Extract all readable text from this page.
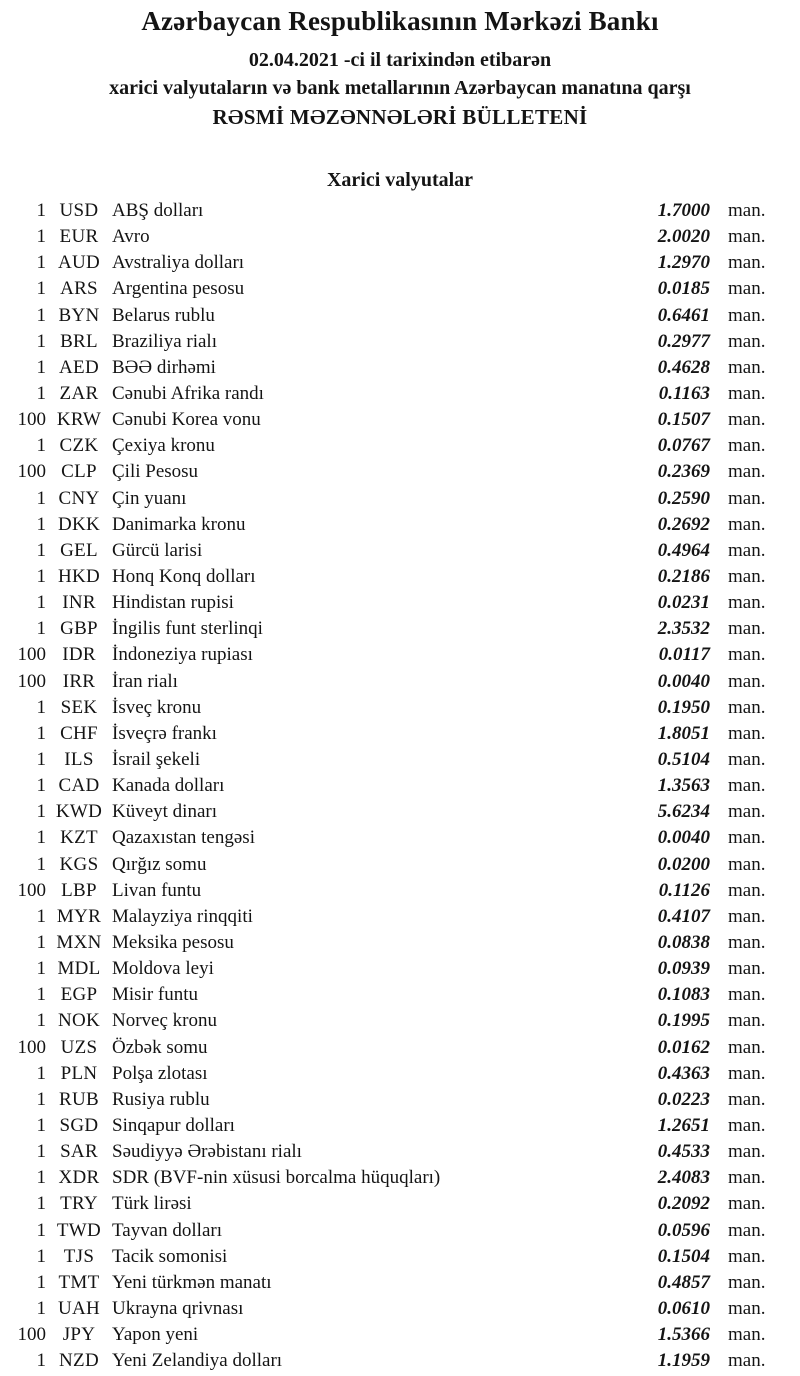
Azərbaycan Respublikasının Mərkəzi Bankı
02.04.2021 -ci il tarixindən etibarən
xarici valyutaların və bank metallarının Azərbaycan manatına qarşı
RƏSMİ MƏZƏNNƏLƏRİ BÜLLETENİ
Xarici valyutalar
1 USD ABŞ dolları	1.7000 man.
1 EUR Avro	2.0020 man.
1 AUD Avstraliya dolları	1.2970 man.
1 ARS Argentina pesosu	0.0185 man.
1 BYN Belarus rublu	0.6461 man.
1 BRL Braziliya rialı	0.2977 man.
1 AED BƏƏ dirhəmi	0.4628 man.
1 ZAR Cənubi Afrika randı	0.1163 man.
100 KRW Cənubi Korea vonu	0.1507 man.
1 CZK Çexiya kronu	0.0767 man.
100 CLP Çili Pesosu	0.2369 man.
1 CNY Çin yuanı	0.2590 man.
1 DKK Danimarka kronu	0.2692 man.
1 GEL Gürcü larisi	0.4964 man.
1 HKD Honq Konq dolları	0.2186 man.
1 INR Hindistan rupisi	0.0231 man.
1 GBP İngilis funt sterlinqi	2.3532 man.
100 IDR İndoneziya rupiası	0.0117 man.
100 IRR İran rialı	0.0040 man.
1 SEK İsveç kronu	0.1950 man.
1 CHF İsveçrə frankı	1.8051 man.
1 ILS İsrail şekeli	0.5104 man.
1 CAD Kanada dolları	1.3563 man.
1 KWD Küveyt dinarı	5.6234 man.
1 KZT Qazaxıstan tengəsi	0.0040 man.
1 KGS Qırğız somu	0.0200 man.
100 LBP Livan funtu	0.1126 man.
1 MYR Malayziya rinqqiti	0.4107 man.
1 MXN Meksika pesosu	0.0838 man.
1 MDL Moldova leyi	0.0939 man.
1 EGP Misir funtu	0.1083 man.
1 NOK Norveç kronu	0.1995 man.
100 UZS Özbək somu	0.0162 man.
1 PLN Polşa zlotası	0.4363 man.
1 RUB Rusiya rublu	0.0223 man.
1 SGD Sinqapur dolları	1.2651 man.
1 SAR Səudiyyə Ərəbistanı rialı	0.4533 man.
1 XDR SDR (BVF-nin xüsusi borcalma hüquqları)	2.4083 man.
1 TRY Türk lirəsi	0.2092 man.
1 TWD Tayvan dolları	0.0596 man.
1 TJS Tacik somonisi	0.1504 man.
1 TMT Yeni türkmən manatı	0.4857 man.
1 UAH Ukrayna qrivnası	0.0610 man.
100 JPY Yapon yeni	1.5366 man.
1 NZD Yeni Zelandiya dolları	1.1959 man.
